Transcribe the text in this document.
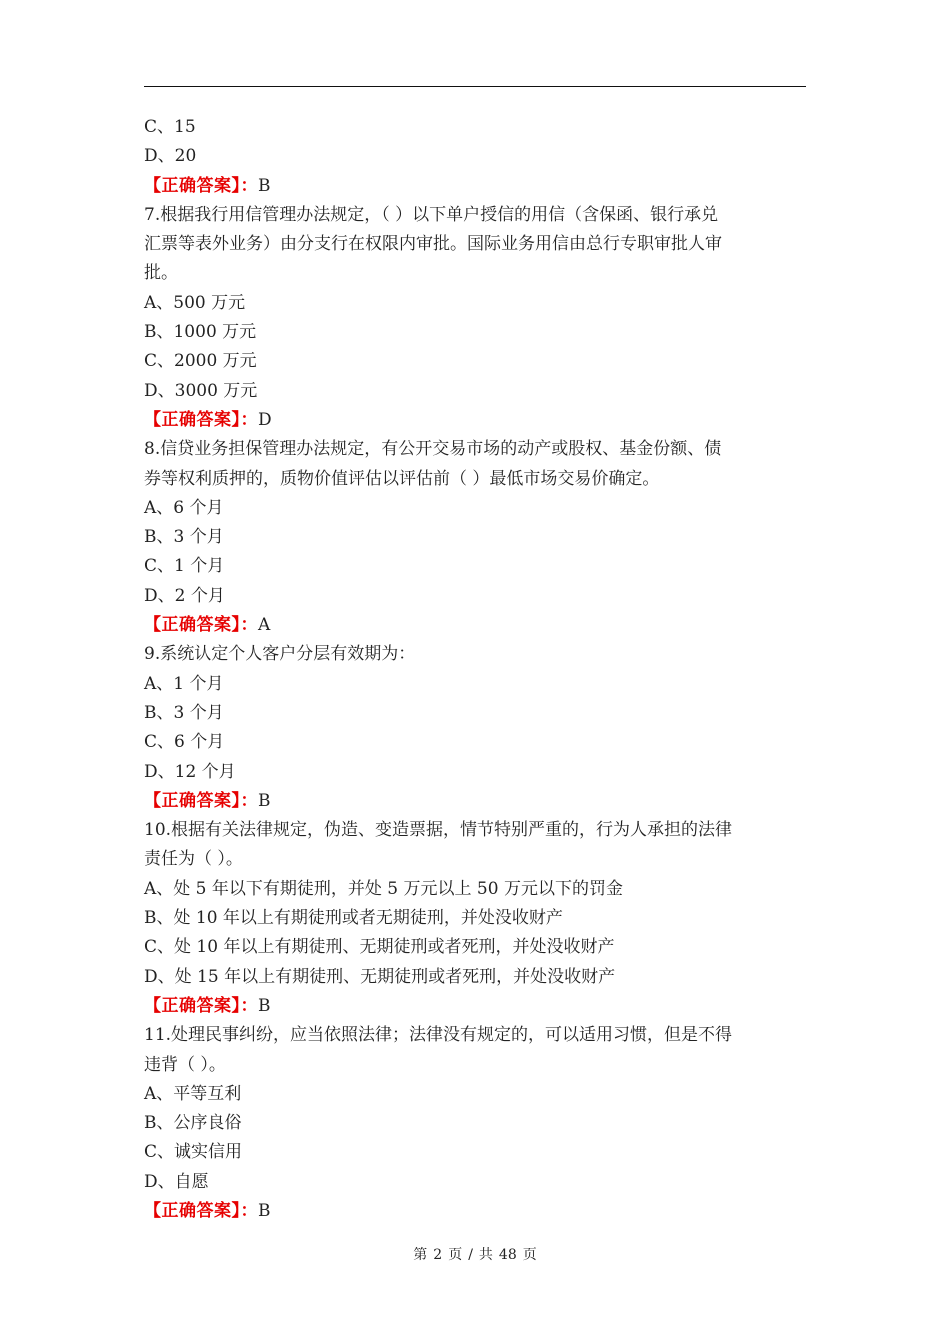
C、15
D、20
【正确答案】：B
7.根据我行用信管理办法规定，（ ）以下单户授信的用信（含保函、银行承兑
汇票等表外业务）由分支行在权限内审批。国际业务用信由总行专职审批人审
批。
A、500 万元
B、1000 万元
C、2000 万元
D、3000 万元
【正确答案】：D
8.信贷业务担保管理办法规定，有公开交易市场的动产或股权、基金份额、债
券等权利质押的，质物价值评估以评估前（ ）最低市场交易价确定。
A、6 个月
B、3 个月
C、1 个月
D、2 个月
【正确答案】：A
9.系统认定个人客户分层有效期为：
A、1 个月
B、3 个月
C、6 个月
D、12 个月
【正确答案】：B
10.根据有关法律规定，伪造、变造票据，情节特别严重的，行为人承担的法律
责任为（ ）。
A、处 5 年以下有期徒刑，并处 5 万元以上 50 万元以下的罚金
B、处 10 年以上有期徒刑或者无期徒刑，并处没收财产
C、处 10 年以上有期徒刑、无期徒刑或者死刑，并处没收财产
D、处 15 年以上有期徒刑、无期徒刑或者死刑，并处没收财产
【正确答案】：B
11.处理民事纠纷，应当依照法律；法律没有规定的，可以适用习惯，但是不得
违背（ ）。
A、平等互利
B、公序良俗
C、诚实信用
D、自愿
【正确答案】：B
第 2 页 / 共 48 页
